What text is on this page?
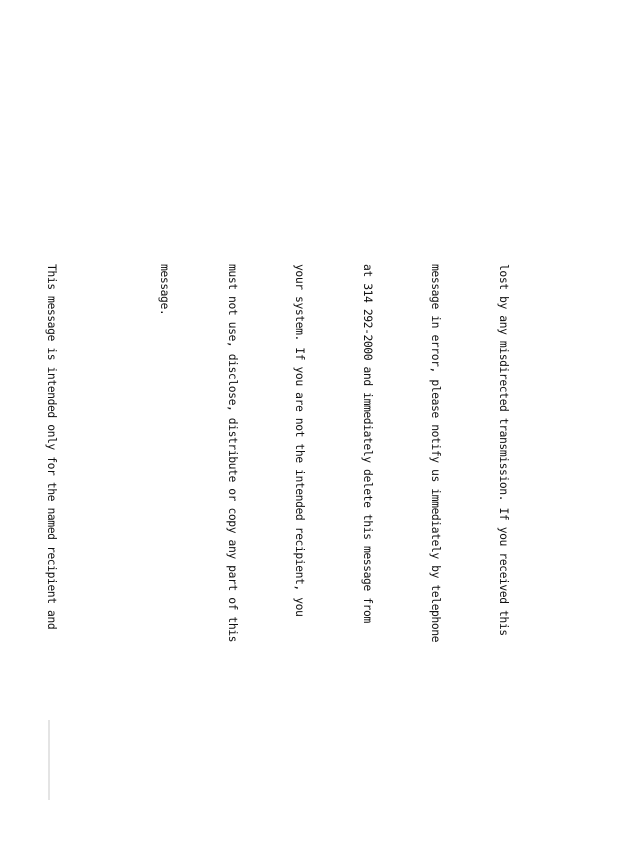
lost by any misdirected transmission. If you received this

message in error, please notify us immediately by telephone

at 314 292-2000 and immediately delete this message from

your system. If you are not the intended recipient, you

must not use, disclose, distribute or copy any part of this

message.

This message is intended only for the named recipient and
